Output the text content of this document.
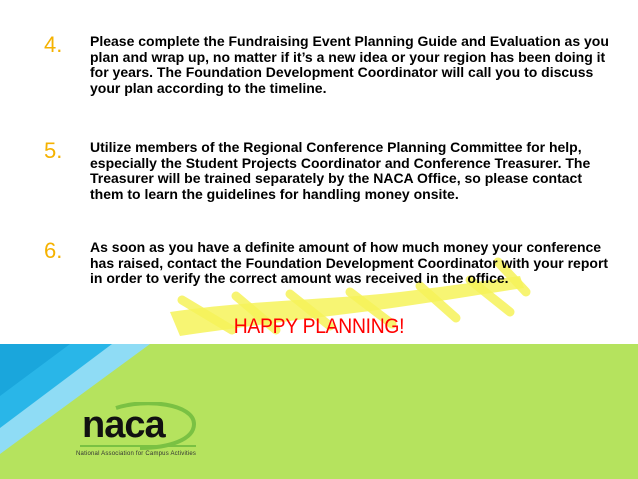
4. Please complete the Fundraising Event Planning Guide and Evaluation as you plan and wrap up, no matter if it’s a new idea or your region has been doing it for years. The Foundation Development Coordinator will call you to discuss your plan according to the timeline.

5. Utilize members of the Regional Conference Planning Committee for help, especially the Student Projects Coordinator and Conference Treasurer. The Treasurer will be trained separately by the NACA Office, so please contact them to learn the guidelines for handling money onsite.

6. As soon as you have a definite amount of how much money your conference has raised, contact the Foundation Development Coordinator with your report in order to verify the correct amount was received in the office.

HAPPY PLANNING!
naca
National Association for Campus Activities
